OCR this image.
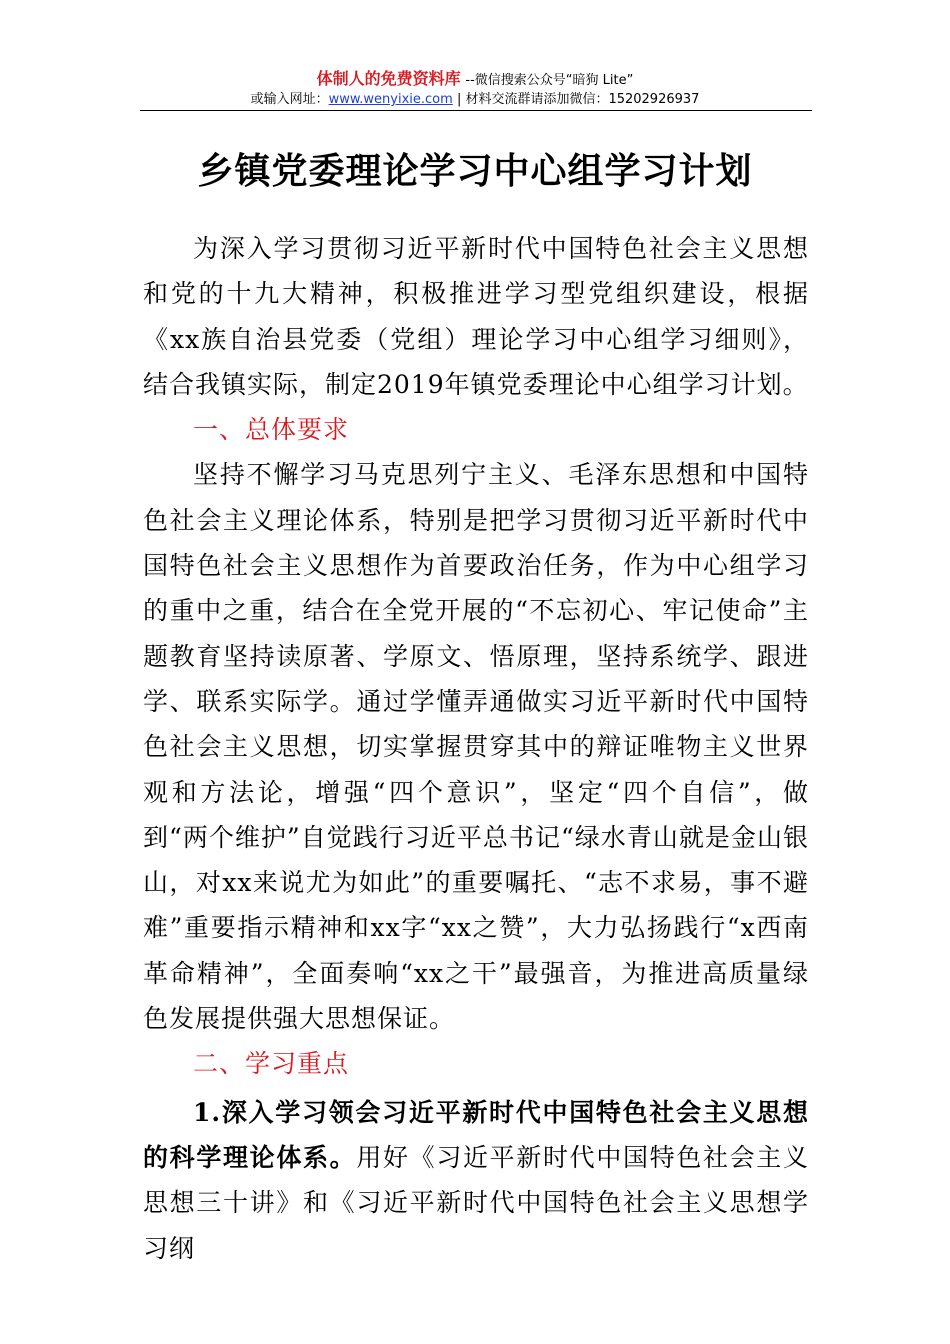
体制人的免费资料库 --微信搜索公众号“暗狗 Lite”
或输入网址：www.wenyixie.com | 材料交流群请添加微信：15202926937
乡镇党委理论学习中心组学习计划

为深入学习贯彻习近平新时代中国特色社会主义思想和党的十九大精神，积极推进学习型党组织建设，根据《xx族自治县党委（党组）理论学习中心组学习细则》，结合我镇实际，制定2019年镇党委理论中心组学习计划。

一、总体要求

坚持不懈学习马克思列宁主义、毛泽东思想和中国特色社会主义理论体系，特别是把学习贯彻习近平新时代中国特色社会主义思想作为首要政治任务，作为中心组学习的重中之重，结合在全党开展的“不忘初心、牢记使命”主题教育坚持读原著、学原文、悟原理，坚持系统学、跟进学、联系实际学。通过学懂弄通做实习近平新时代中国特色社会主义思想，切实掌握贯穿其中的辩证唯物主义世界观和方法论，增强“四个意识”，坚定“四个自信”，做到“两个维护”自觉践行习近平总书记“绿水青山就是金山银山，对xx来说尤为如此”的重要嘱托、“志不求易，事不避难”重要指示精神和xx字“xx之赞”，大力弘扬践行“x西南革命精神”，全面奏响“xx之干”最强音，为推进高质量绿色发展提供强大思想保证。

二、学习重点

1.深入学习领会习近平新时代中国特色社会主义思想的科学理论体系。用好《习近平新时代中国特色社会主义思想三十讲》和《习近平新时代中国特色社会主义思想学习纲
